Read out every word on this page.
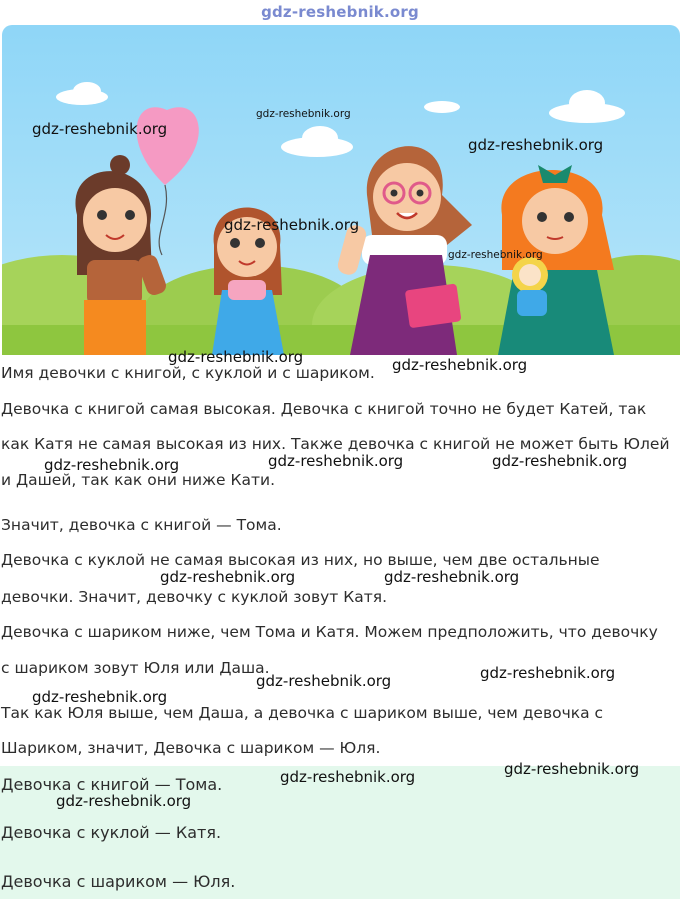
gdz-reshebnik.org
Имя девочки с книгой, с куклой и с шариком.
Девочка с книгой самая высокая. Девочка с книгой точно не будет Катей, так
как Катя не самая высокая из них. Также девочка с книгой не может быть Юлей
и Дашей, так как они ниже Кати.
Значит, девочка с книгой — Тома.
Девочка с куклой не самая высокая из них, но выше, чем две остальные
девочки. Значит, девочку с куклой зовут Катя.
Девочка с шариком ниже, чем Тома и Катя. Можем предположить, что девочку
с шариком зовут Юля или Даша.
Так как Юля выше, чем Даша, а девочка с шариком выше, чем девочка с
Шариком, значит, Девочка с шариком — Юля.
Девочка с книгой — Тома.
Девочка с куклой — Катя.
Девочка с шариком — Юля.
gdz-reshebnik.org
gdz-reshebnik.org
gdz-reshebnik.org
gdz-reshebnik.org
gdz-reshebnik.org
gdz-reshebnik.org	gdz-reshebnik.org
gdz-reshebnik.org	gdz-reshebnik.org	gdz-reshebnik.org
gdz-reshebnik.org	gdz-reshebnik.org
gdz-reshebnik.org
gdz-reshebnik.org
gdz-reshebnik.org
gdz-reshebnik.org
gdz-reshebnik.org
gdz-reshebnik.org
